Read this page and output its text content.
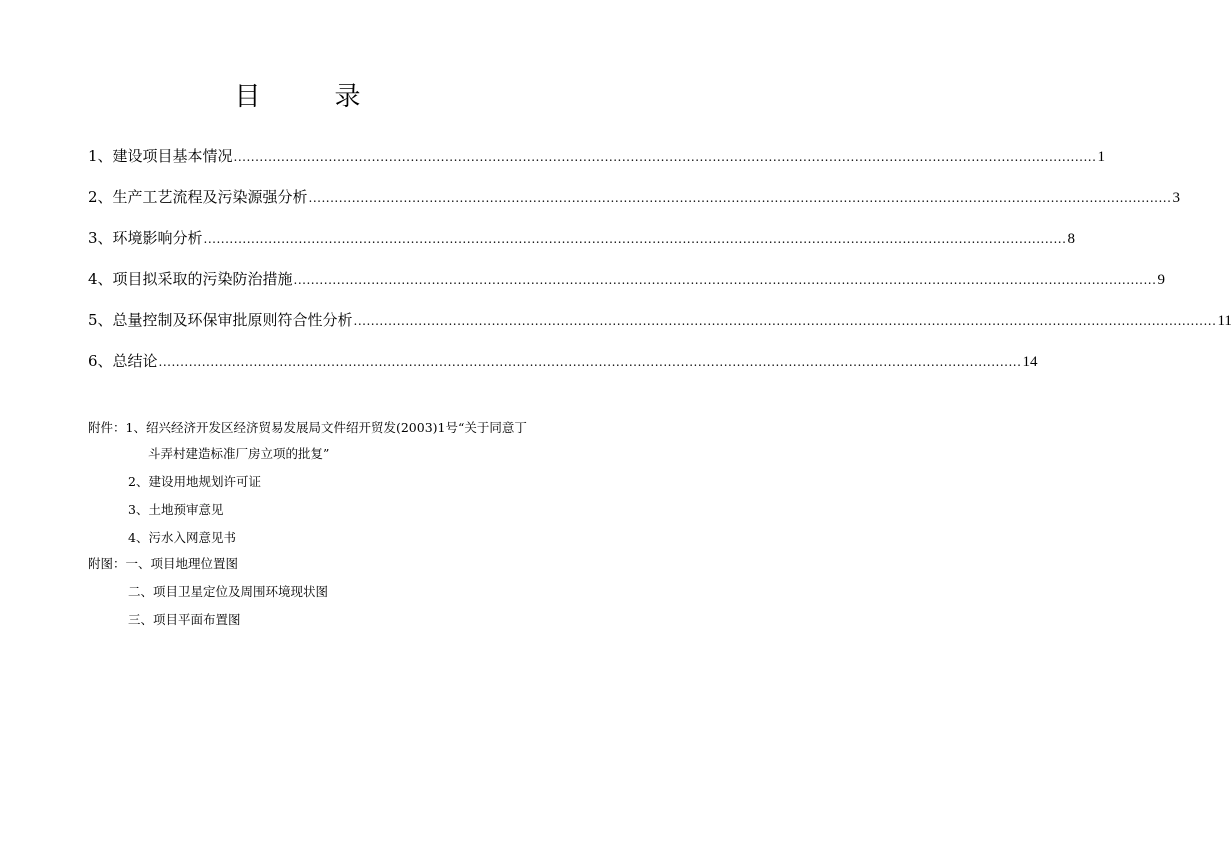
目　录
1、建设项目基本情况 ........................................................................................................................................................................................................ 1
2、生产工艺流程及污染源强分析 ........................................................................................................................................................................................................ 3
3、环境影响分析 ........................................................................................................................................................................................................ 8
4、项目拟采取的污染防治措施 ........................................................................................................................................................................................................ 9
5、总量控制及环保审批原则符合性分析 ........................................................................................................................................................................................................ 11
6、总结论 ........................................................................................................................................................................................................ 14
附件：1、绍兴经济开发区经济贸易发展局文件绍开贸发(2003)1号“关于同意丁
斗弄村建造标准厂房立项的批复”
2、建设用地规划许可证
3、土地预审意见
4、污水入网意见书
附图：一、项目地理位置图
二、项目卫星定位及周围环境现状图
三、项目平面布置图
